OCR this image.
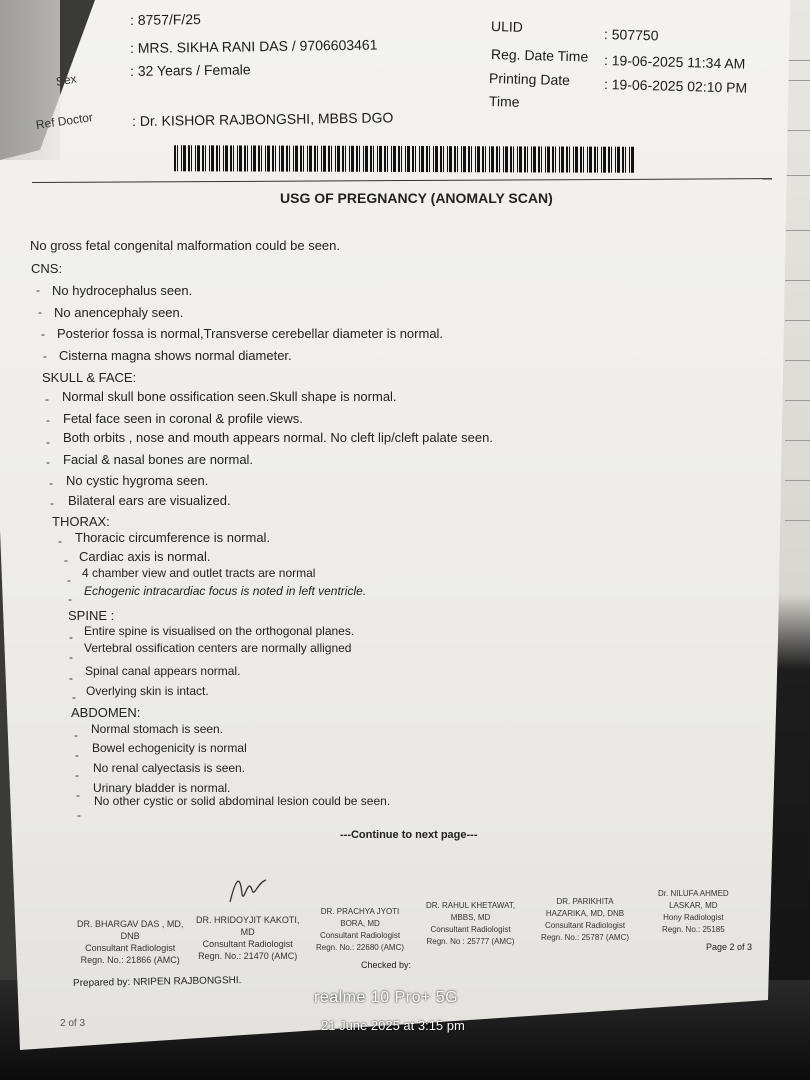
: 8757/F/25
: MRS. SIKHA RANI DAS / 9706603461
Sex
: 32 Years / Female
Ref Doctor	: Dr. KISHOR RAJBONGSHI, MBBS DGO
ULID	: 507750
Reg. Date Time : 19-06-2025 11:34 AM
Printing Date
Time
: 19-06-2025 02:10 PM
USG OF PREGNANCY (ANOMALY SCAN)
No gross fetal congenital malformation could be seen.
CNS:
- No hydrocephalus seen.
- No anencephaly seen.
- Posterior fossa is normal,Transverse cerebellar diameter is normal.
- Cisterna magna shows normal diameter.
SKULL & FACE:
- Normal skull bone ossification seen.Skull shape is normal.
- Fetal face seen in coronal & profile views.
- Both orbits , nose and mouth appears normal. No cleft lip/cleft palate seen.
- Facial & nasal bones are normal.
- No cystic hygroma seen.
- Bilateral ears are visualized.
THORAX:
- Thoracic circumference is normal.
- Cardiac axis is normal.
- 4 chamber view and outlet tracts are normal
-
Echogenic intracardiac focus is noted in left ventricle.
SPINE :
- Entire spine is visualised on the orthogonal planes.
-
Vertebral ossification centers are normally alligned
- Spinal canal appears normal.
- Overlying skin is intact.
ABDOMEN:
- Normal stomach is seen.
- Bowel echogenicity is normal
- No renal calyectasis is seen.
- Urinary bladder is normal.
-
No other cystic or solid abdominal lesion could be seen.
---Continue to next page---
DR. BHARGAV DAS , MD,
DNB
Consultant Radiologist
Regn. No.: 21866 (AMC)
DR. HRIDOYJIT KAKOTI,
MD
Consultant Radiologist
Regn. No.: 21470 (AMC)
DR. PRACHYA JYOTI
BORA, MD
Consultant Radiologist
Regn. No.: 22680 (AMC)
DR. RAHUL KHETAWAT,
MBBS, MD
Consultant Radiologist
Regn. No : 25777 (AMC)
DR. PARIKHITA
HAZARIKA, MD, DNB
Consultant Radiologist
Regn. No.: 25787 (AMC)
Dr. NILUFA AHMED
LASKAR, MD
Hony Radiologist
Regn. No.: 25185
Checked by:
Page 2 of 3
Prepared by: NRIPEN RAJBONGSHI.
2 of 3
realme 10 Pro+ 5G
21 June 2025 at 3:15 pm
